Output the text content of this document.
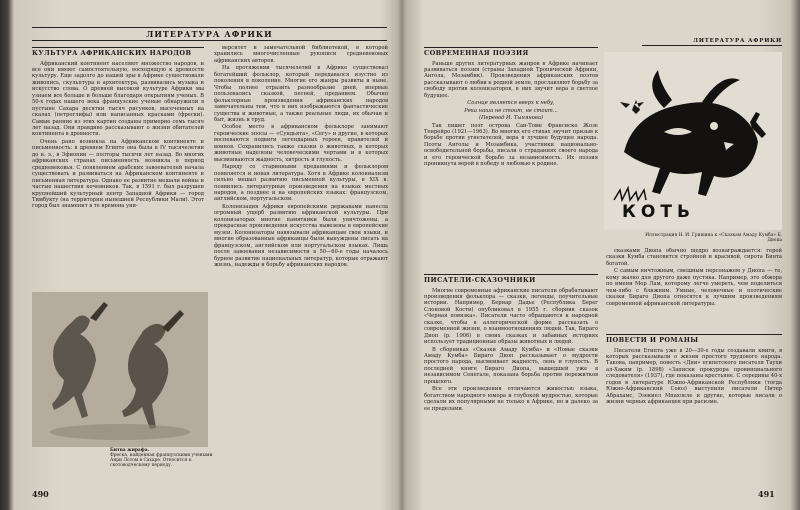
ЛИТЕРАТУРА АФРИКИ
КУЛЬТУРА АФРИКАНСКИХ НАРОДОВ

Африканский континент населяют множество народов, и все они имеют самостоятельную, восходящую к древности культуру. Еще задолго до нашей эры в Африке существовали живопись, скульптура и архитектура, развивались музыка и искусство слова. О древней высокой культуре Африки мы узнаем все больше и больше благодаря открытиям ученых. В 50-х годах нашего века французские ученые обнаружили в пустыне Сахара десятки тысяч рисунков, высеченных на скалах (петроглифы) или написанных красками (фрески). Самые ранние из этих картин созданы примерно семь тысяч лет назад. Они правдиво рассказывают о жизни обитателей континента в древности.

Очень рано возникла на Африканском континенте и письменность: в древнем Египте она была в IV тысячелетии до н. э., в Эфиопии — полторы тысячи лет назад. Во многих африканских странах письменность возникла в период средневековья. С появлением арабских завоевателей начала существовать и развиваться на Африканском континенте и письменная литература. Однако ее развитие мешали войны и частые нашествия кочевников. Так, в 1591 г. был разрушен крупнейший культурный центр Западной Африки — город Тимбукту (на территории нынешней Республики Мали). Этот город был знаменит в те времена уни-

верситет и замечательной библиотекой, в которой хранились многочисленные рукописи средневековых африканских авторов.

На протяжении тысячелетий в Африке существовал богатейший фольклор, который передавался изустно из поколения в поколение. Многие его жанры развиты и ныне. Чтобы полнее отразить разнообразие дней, впервые пользовались сказкой, песней, преданием. Обычно фольклорные произведения африканских народов замечательны тем, что в них изображаются фантастические существа и животные, а также реальные люди, их обычаи и быт, жизнь и труд.

Особое место в африканском фольклоре занимают героические эпосы — «Сундьята», «Сегу» и другие, в которых воспеваются подвиги легендарных героев, правителей и воинов. Сохранились также сказки о животных, в которых животные наделены человеческими чертами и в которых высмеиваются жадность, хитрость и глупость.

Наряду со старинными преданиями и фольклором появляется и новая литература. Хотя в Африке колониализм сильно мешал развитию письменной культуры, в XIX в. появились литературные произведения на языках местных народов, а позднее и на европейских языках: французском, английском, португальском.

Колонизация Африки европейскими державами нанесла огромный ущерб развитию африканской культуры. При колонизаторах многие памятники были уничтожены, а прекрасные произведения искусства вывезены в европейские музеи. Колонизаторы навязывали африканцам свои языки, и многие образованные африканцы были вынуждены писать на французском, английском или португальском языках. Лишь после завоевания независимости в 50—60-е годы началось бурное развитие национальных литератур, которые отражают жизнь, надежды и борьбу африканских народов.

Битва жирафа.
Фреска, найденная французскими учеными Анри Лотом в Сахаре. Относится к скотоводческому периоду.
490
ЛИТЕРАТУРА АФРИКИ
СОВРЕМЕННАЯ ПОЭЗИЯ

Раньше других литературных жанров в Африке начинает развиваться поэзия (страны Западной Тропической Африки, Ангола, Мозамбик). Произведения африканских поэтов рассказывают о любви к родной земле, прославляют борьбу за свободу против колонизаторов, в них звучит вера в светлое будущее.

Солнце является вверх к небу,

Река наша не стоит, не стоит...

(Перевод И. Тынянова)

Так пишет поэт острова Сан-Томе Франсиско Жозе Тенрейро (1921—1963). Во многих его стихах звучит призыв к борьбе против угнетателей, вера в лучшее будущее народа. Поэты Анголы и Мозамбика, участники национально-освободительной борьбы, писали о страданиях своего народа и его героической борьбе за независимость. Их поэзия проникнута верой в победу и любовью к родине.

КОТЬ
Иллюстрация Н. И. Гришина к «Сказкам Амаду Кумба» Б. Диопа
ПИСАТЕЛИ-СКАЗОЧНИКИ

Многие современные африканские писатели обрабатывают произведения фольклора — сказки, легенды, поучительные истории. Например, Бернар Дадье (Республика Берег Слоновой Кости) опубликовал в 1955 г. сборник сказок «Черная повязка». Писатели часто обращаются к народной сказке, чтобы в аллегорической форме рассказать о современной жизни, о взаимоотношениях людей. Так, Бираго Диоп (р. 1906) в своих сказках и забавных историях использует традиционные образы животных и людей.

В сборниках «Сказки Амаду Кумба» и «Новые сказки Амаду Кумба» Бираго Диоп рассказывает о мудрости простого народа, высмеивает жадность, лень и глупость. В последней книге Бираго Диопа, вышедшей уже в независимом Сенегале, показана борьба против пережитков прошлого.

Все эти произведения отличаются живостью языка, богатством народного юмора и глубокой мудростью, которые сделали их популярными не только в Африке, но и далеко за ее пределами.

сказками Диопа обычно щедро вознаграждается: герой сказки Кумба становится стройной и красивой, сирота Бинта богатой.

С самым ничтожным, смешным персонажем у Диопа — те, кому жалко для другого даже пустяка. Например, это обжора по имени Мор Лам, которому легче умереть, чем поделиться чем-либо с ближним. Умные, человечные и поэтические сказки Бираго Диопа относятся к лучшим произведениям современной африканской литературы.

ПОВЕСТИ И РОМАНЫ

Писатели Египта уже в 20—30-е годы создавали книги, в которых рассказывали о жизни простого трудового народа. Такова, например, повесть «Дни» египетского писателя Таухи ал-Хаким (р. 1898) «Записки прокурора провинциального следователя» (1937), где показаны крестьяне. С середины 40-х годов в литературе Южно-Африканской Республики (тогда Южно-Африканский Союз) выступили писатели Питер Абрахамс, Эзекиел Мпахлеле и другие, которые писали о жизни черных африканцев при расизме.

491
